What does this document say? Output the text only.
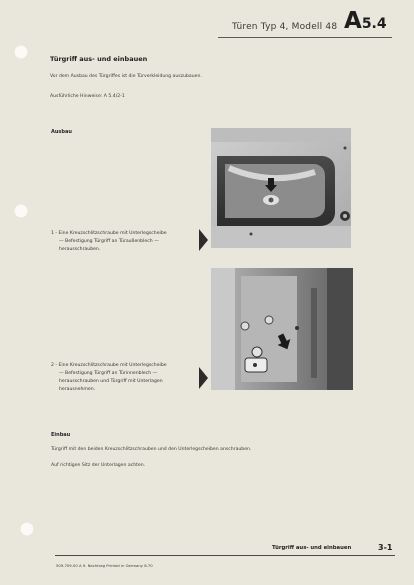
Türen Typ 4, Modell 48 A5.4
Türgriff aus- und einbauen
Vor dem Ausbau des Türgriffes ist die Türverkleidung auszubauen.
Ausführliche Hinweise: A 5.4/2-1
Ausbau
1 - Eine Kreuzschlitzschraube mit Unterlegscheibe
— Befestigung Türgriff an Türaußenblech —
herausschrauben.
2 - Eine Kreuzschlitzschraube mit Unterlegscheibe
— Befestigung Türgriff an Türinnenblech —
herausschrauben und Türgriff mit Unterlagen
herausnehmen.
Einbau
Türgriff mit den beiden Kreuzschlitzschrauben und den Unterlegscheiben anschrauben.
Auf richtigen Sitz der Unterlagen achten.
Türgriff aus- und einbauen	3-1
509.709.00 A 9. Nachtrag Printed in Germany 8.70
